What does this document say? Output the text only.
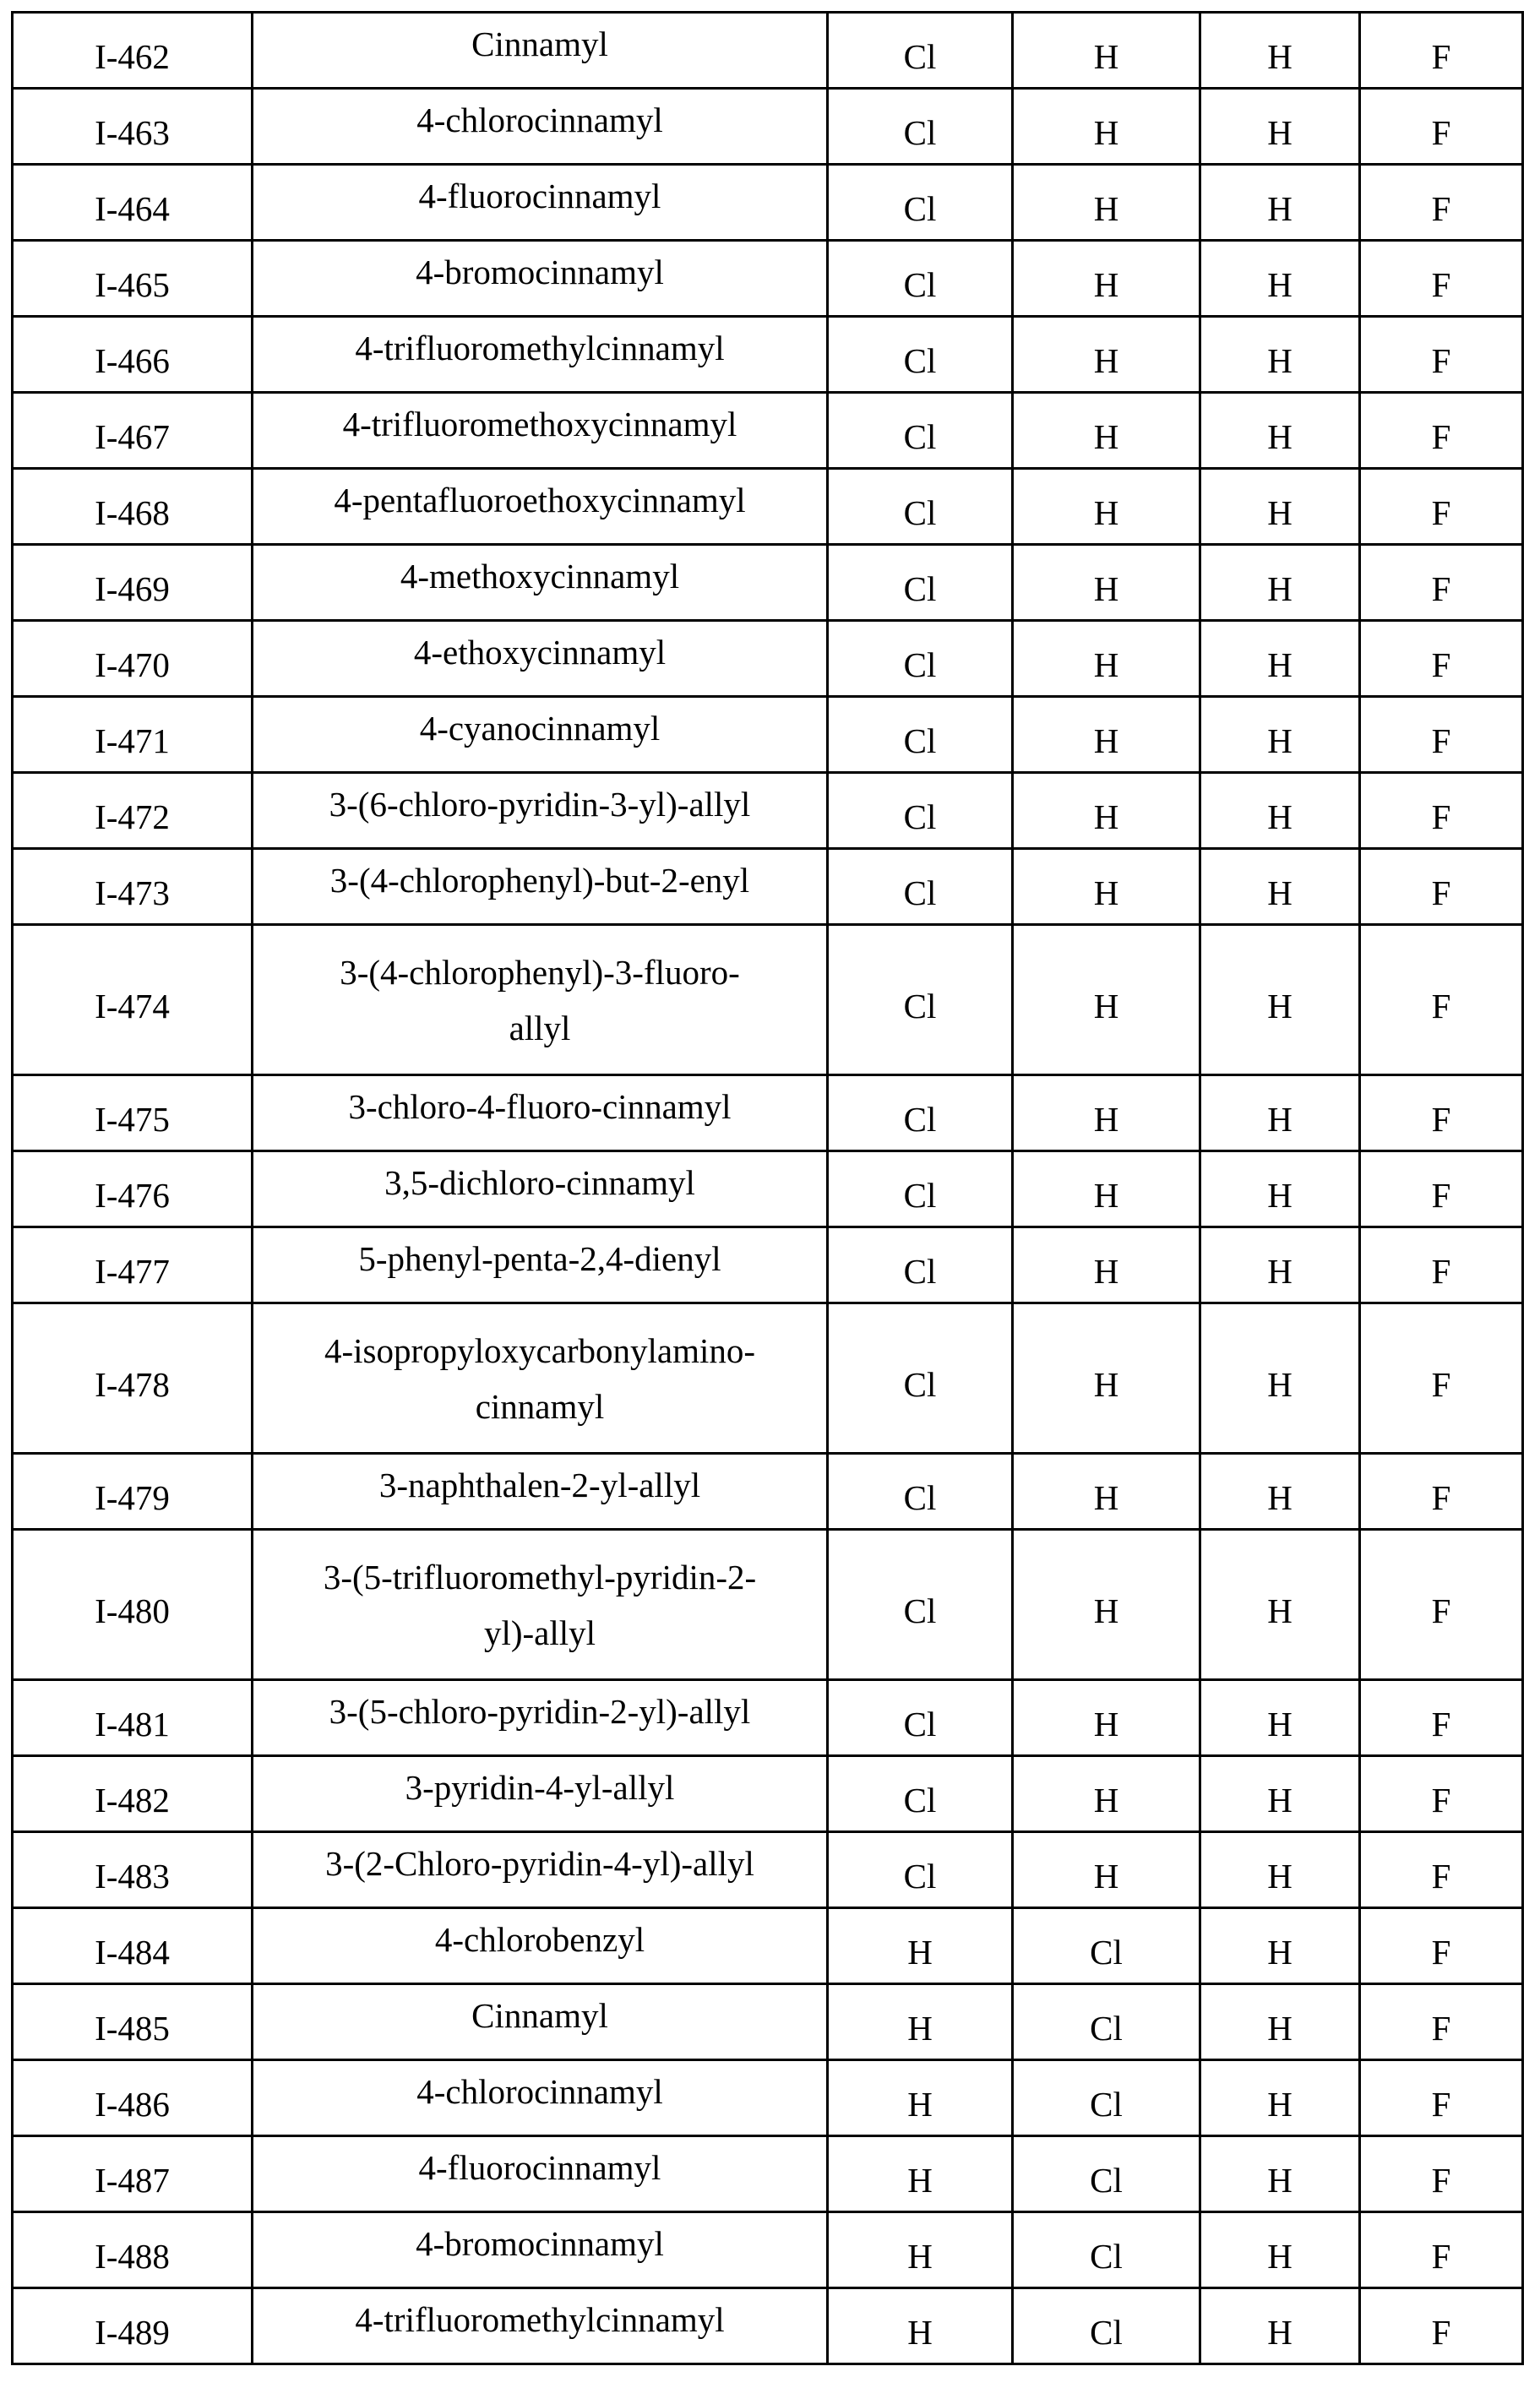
I-462	Cinnamyl	Cl	H	H	F
I-463	4-chlorocinnamyl	Cl	H	H	F
I-464	4-fluorocinnamyl	Cl	H	H	F
I-465	4-bromocinnamyl	Cl	H	H	F
I-466	4-trifluoromethylcinnamyl	Cl	H	H	F
I-467	4-trifluoromethoxycinnamyl	Cl	H	H	F
I-468	4-pentafluoroethoxycinnamyl	Cl	H	H	F
I-469	4-methoxycinnamyl	Cl	H	H	F
I-470	4-ethoxycinnamyl	Cl	H	H	F
I-471	4-cyanocinnamyl	Cl	H	H	F
I-472	3-(6-chloro-pyridin-3-yl)-allyl	Cl	H	H	F
I-473	3-(4-chlorophenyl)-but-2-enyl	Cl	H	H	F
I-474	3-(4-chlorophenyl)-3-fluoro-
allyl	Cl	H	H	F
I-475	3-chloro-4-fluoro-cinnamyl	Cl	H	H	F
I-476	3,5-dichloro-cinnamyl	Cl	H	H	F
I-477	5-phenyl-penta-2,4-dienyl	Cl	H	H	F
I-478	4-isopropyloxycarbonylamino-
cinnamyl	Cl	H	H	F
I-479	3-naphthalen-2-yl-allyl	Cl	H	H	F
I-480	3-(5-trifluoromethyl-pyridin-2-
yl)-allyl	Cl	H	H	F
I-481	3-(5-chloro-pyridin-2-yl)-allyl	Cl	H	H	F
I-482	3-pyridin-4-yl-allyl	Cl	H	H	F
I-483	3-(2-Chloro-pyridin-4-yl)-allyl	Cl	H	H	F
I-484	4-chlorobenzyl	H	Cl	H	F
I-485	Cinnamyl	H	Cl	H	F
I-486	4-chlorocinnamyl	H	Cl	H	F
I-487	4-fluorocinnamyl	H	Cl	H	F
I-488	4-bromocinnamyl	H	Cl	H	F
I-489	4-trifluoromethylcinnamyl	H	Cl	H	F
